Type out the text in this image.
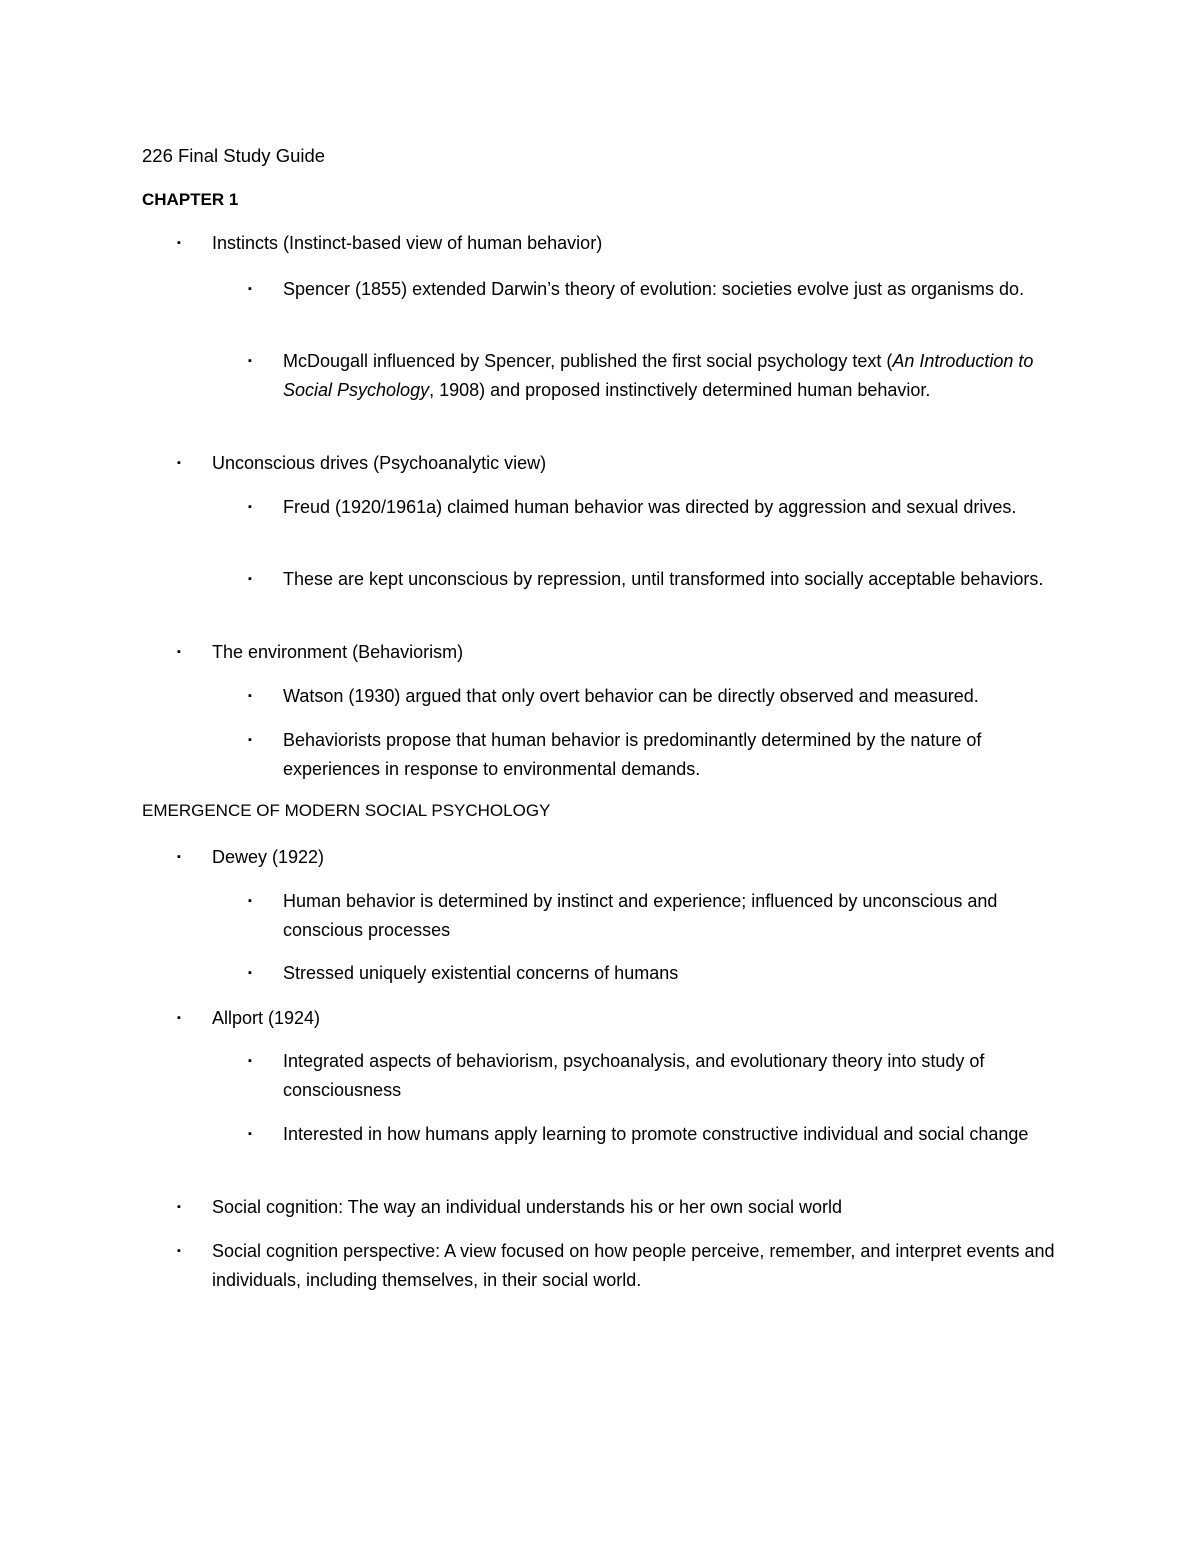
226 Final Study Guide
CHAPTER 1
▪ Instincts (Instinct-based view of human behavior)
▪ Spencer (1855) extended Darwin’s theory of evolution: societies evolve just as organisms do.
▪ McDougall influenced by Spencer, published the first social psychology text (An Introduction to Social Psychology, 1908) and proposed instinctively determined human behavior.
▪ Unconscious drives (Psychoanalytic view)
▪ Freud (1920/1961a) claimed human behavior was directed by aggression and sexual drives.
▪ These are kept unconscious by repression, until transformed into socially acceptable behaviors.
▪ The environment (Behaviorism)
▪ Watson (1930) argued that only overt behavior can be directly observed and measured.
▪ Behaviorists propose that human behavior is predominantly determined by the nature of experiences in response to environmental demands.
EMERGENCE OF MODERN SOCIAL PSYCHOLOGY
▪ Dewey (1922)
▪ Human behavior is determined by instinct and experience; influenced by unconscious and conscious processes
▪ Stressed uniquely existential concerns of humans
▪ Allport (1924)
▪ Integrated aspects of behaviorism, psychoanalysis, and evolutionary theory into study of consciousness
▪ Interested in how humans apply learning to promote constructive individual and social change
▪ Social cognition: The way an individual understands his or her own social world
▪ Social cognition perspective: A view focused on how people perceive, remember, and interpret events and individuals, including themselves, in their social world.
